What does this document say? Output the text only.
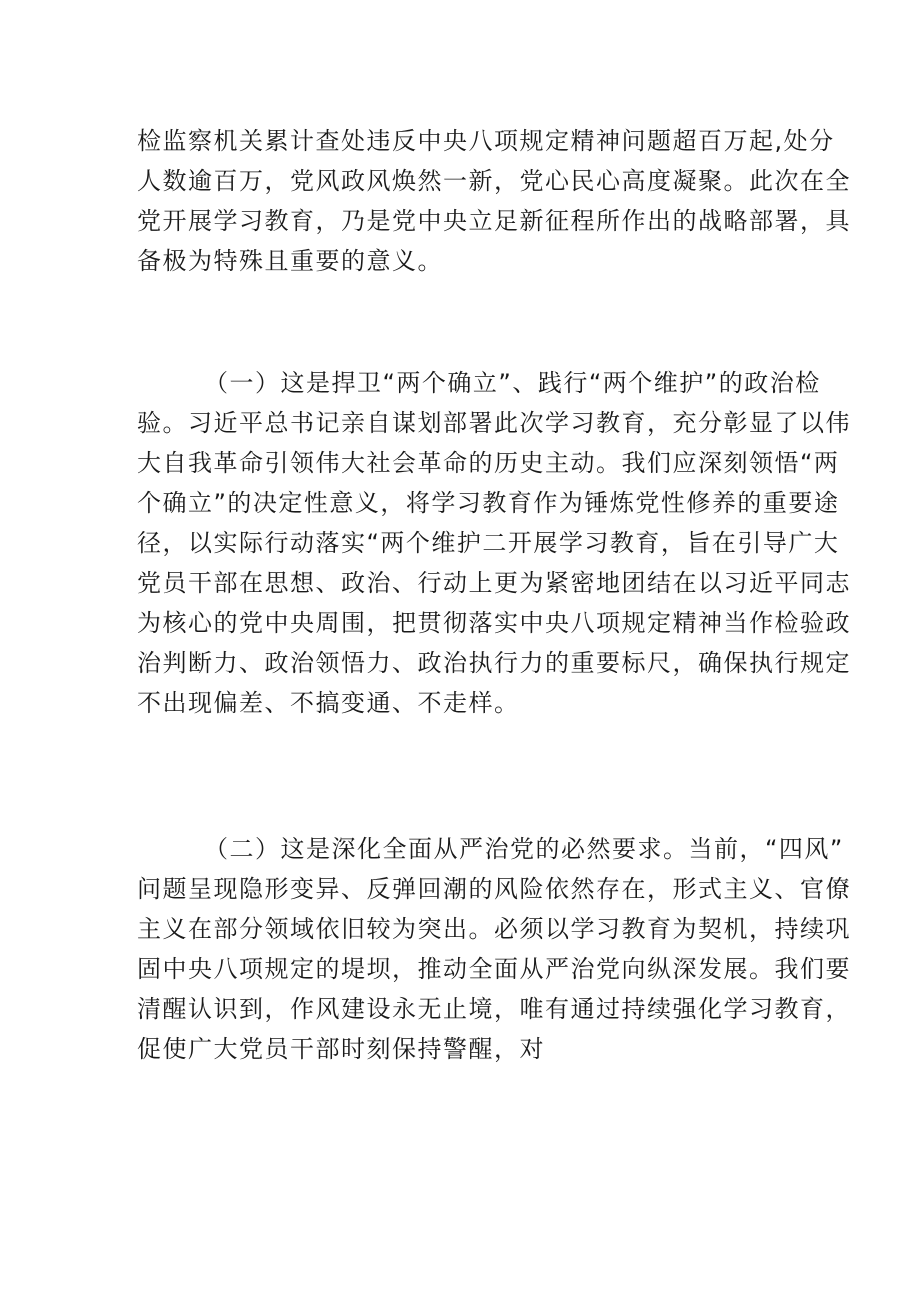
检监察机关累计查处违反中央八项规定精神问题超百万起,处分
人数逾百万，党风政风焕然一新，党心民心高度凝聚。此次在全
党开展学习教育，乃是党中央立足新征程所作出的战略部署，具
备极为特殊且重要的意义。
（一）这是捍卫“两个确立”、践行“两个维护”的政治检
验。习近平总书记亲自谋划部署此次学习教育，充分彰显了以伟
大自我革命引领伟大社会革命的历史主动。我们应深刻领悟“两
个确立”的决定性意义，将学习教育作为锤炼党性修养的重要途
径，以实际行动落实“两个维护二开展学习教育，旨在引导广大
党员干部在思想、政治、行动上更为紧密地团结在以习近平同志
为核心的党中央周围，把贯彻落实中央八项规定精神当作检验政
治判断力、政治领悟力、政治执行力的重要标尺，确保执行规定
不出现偏差、不搞变通、不走样。
（二）这是深化全面从严治党的必然要求。当前，“四风”
问题呈现隐形变异、反弹回潮的风险依然存在，形式主义、官僚
主义在部分领域依旧较为突出。必须以学习教育为契机，持续巩
固中央八项规定的堤坝，推动全面从严治党向纵深发展。我们要
清醒认识到，作风建设永无止境，唯有通过持续强化学习教育，
促使广大党员干部时刻保持警醒，对
